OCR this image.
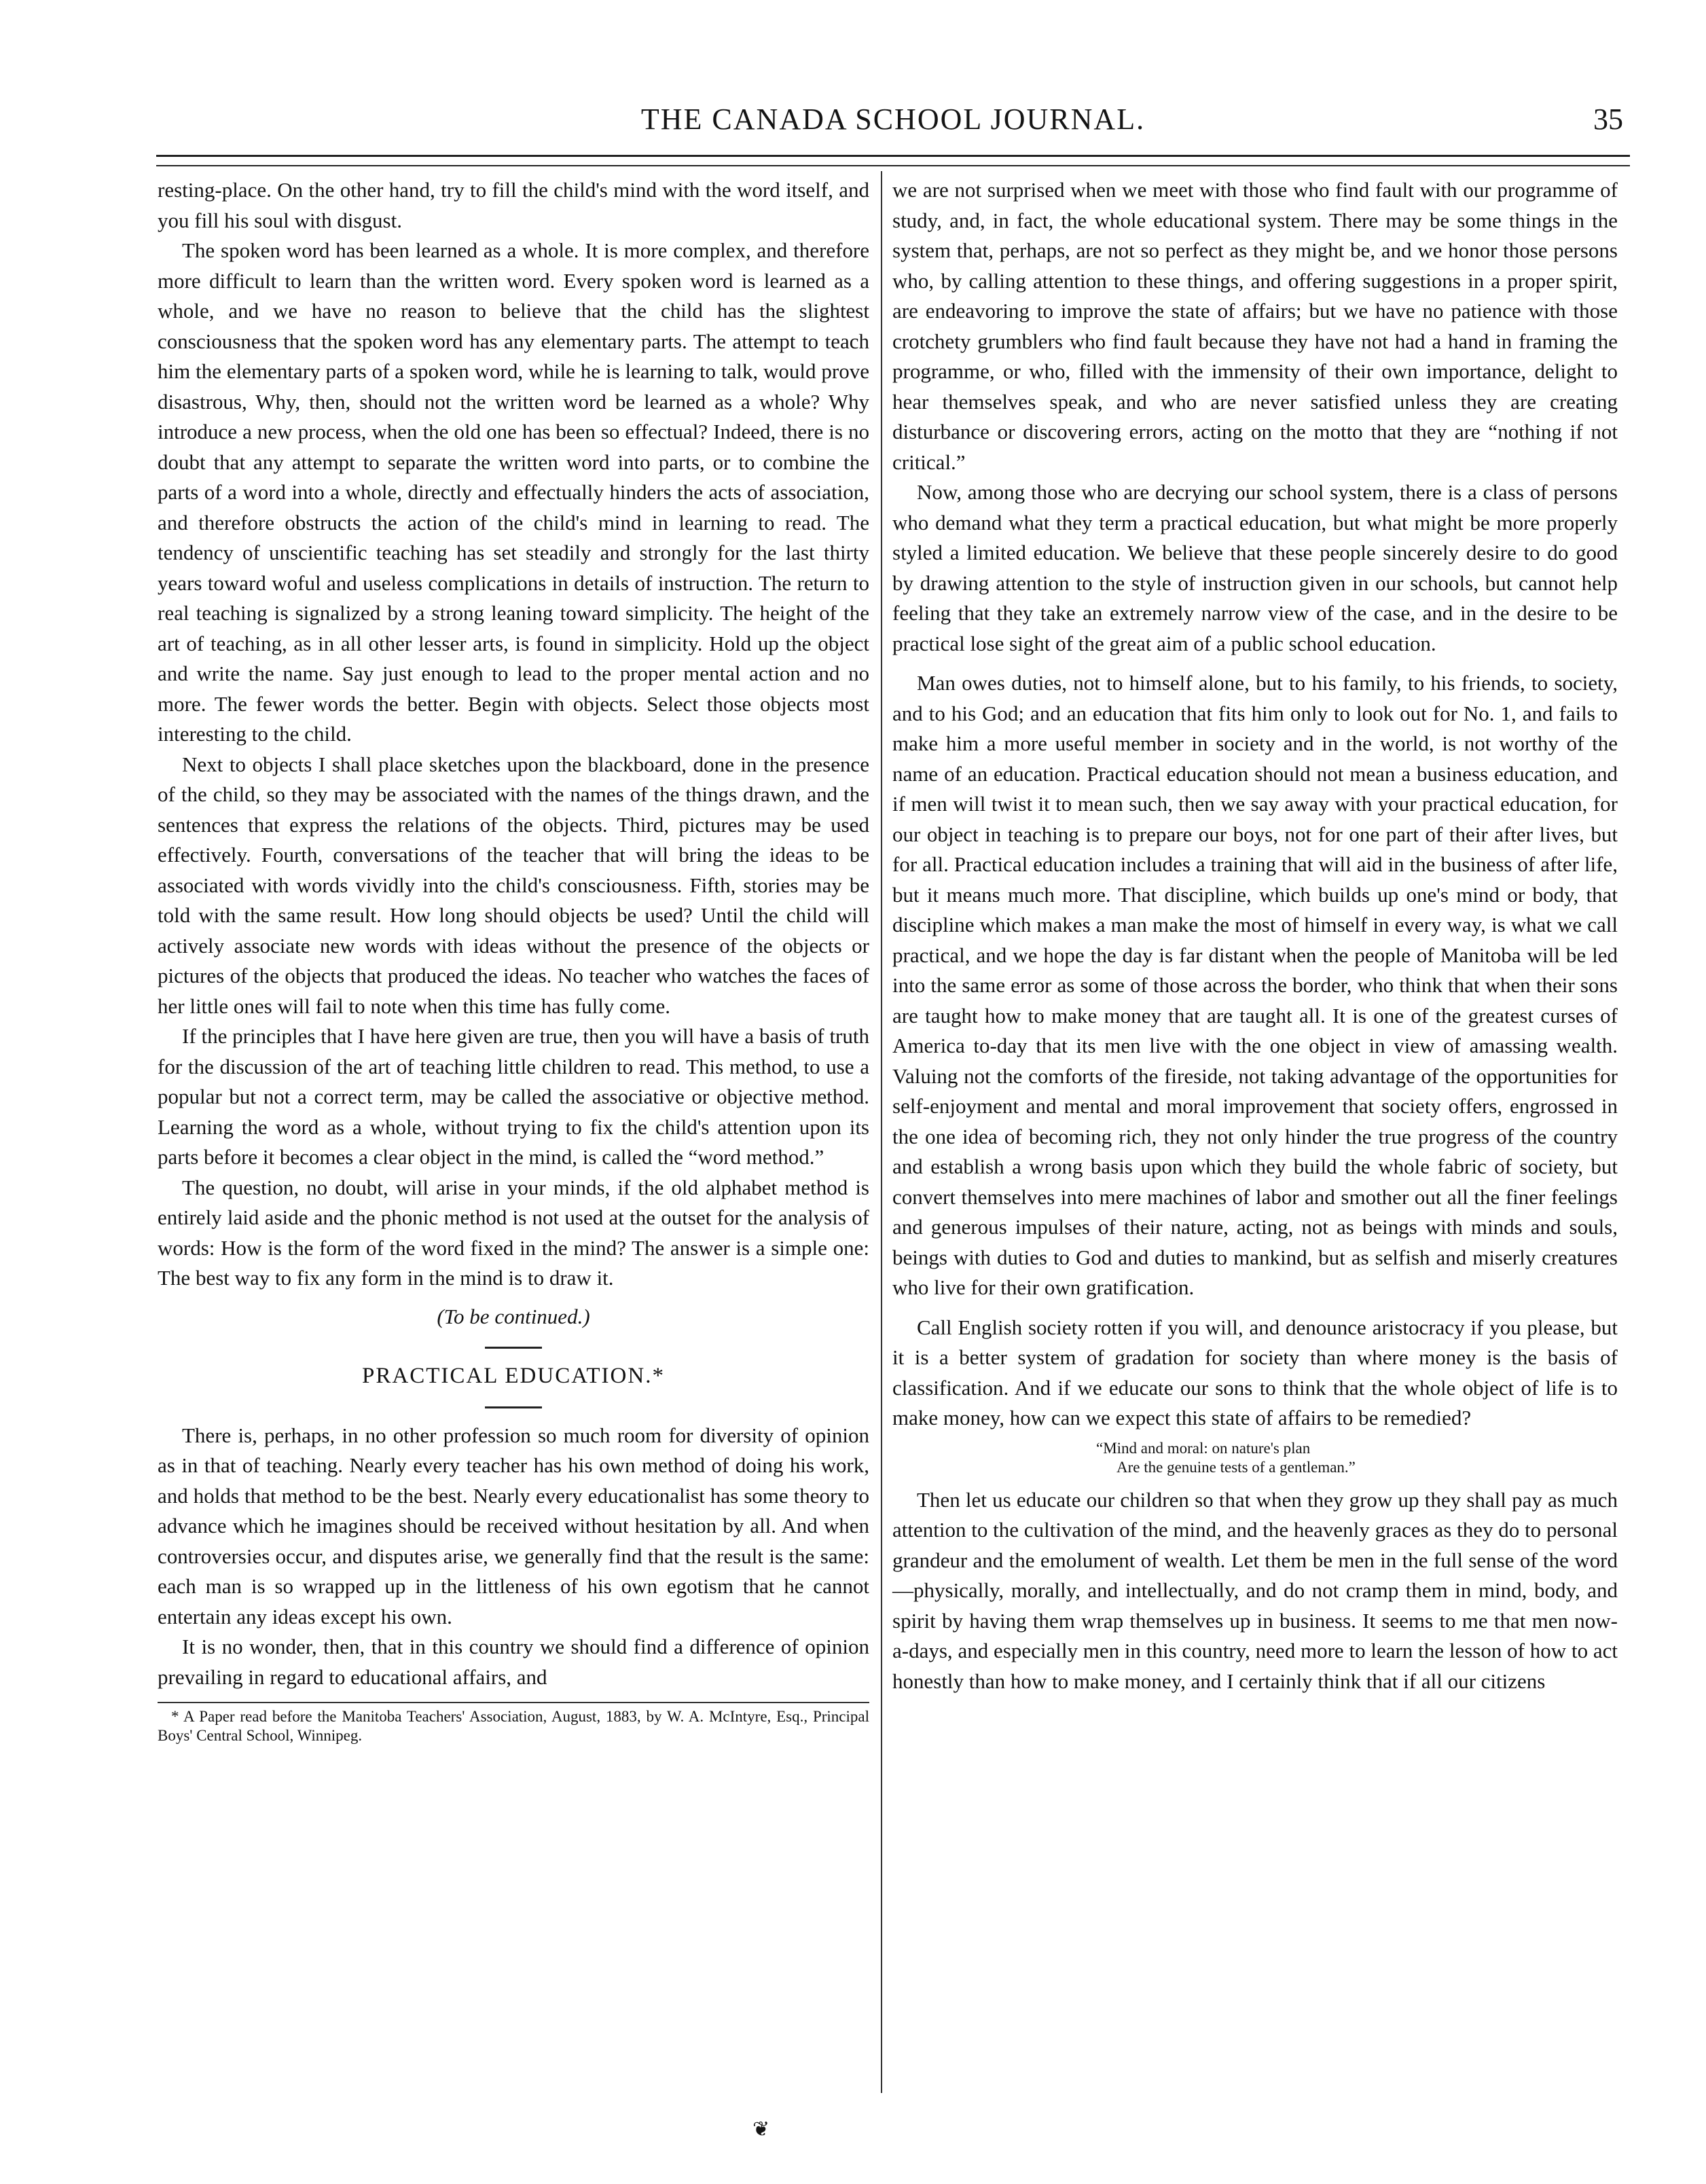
THE CANADA SCHOOL JOURNAL.	35

resting-place. On the other hand, try to fill the child's mind with the word itself, and you fill his soul with disgust.

The spoken word has been learned as a whole. It is more complex, and therefore more difficult to learn than the written word. Every spoken word is learned as a whole, and we have no reason to believe that the child has the slightest consciousness that the spoken word has any elementary parts. The attempt to teach him the elementary parts of a spoken word, while he is learning to talk, would prove disastrous, Why, then, should not the written word be learned as a whole? Why introduce a new process, when the old one has been so effectual? Indeed, there is no doubt that any attempt to separate the written word into parts, or to combine the parts of a word into a whole, directly and effectually hinders the acts of association, and therefore obstructs the action of the child's mind in learning to read. The tendency of unscientific teaching has set steadily and strongly for the last thirty years toward woful and useless complications in details of instruction. The return to real teaching is signalized by a strong leaning toward simplicity. The height of the art of teaching, as in all other lesser arts, is found in simplicity. Hold up the object and write the name. Say just enough to lead to the proper mental action and no more. The fewer words the better. Begin with objects. Select those objects most interesting to the child.

Next to objects I shall place sketches upon the blackboard, done in the presence of the child, so they may be associated with the names of the things drawn, and the sentences that express the relations of the objects. Third, pictures may be used effectively. Fourth, conversations of the teacher that will bring the ideas to be associated with words vividly into the child's consciousness. Fifth, stories may be told with the same result. How long should objects be used? Until the child will actively associate new words with ideas without the presence of the objects or pictures of the objects that produced the ideas. No teacher who watches the faces of her little ones will fail to note when this time has fully come.

If the principles that I have here given are true, then you will have a basis of truth for the discussion of the art of teaching little children to read. This method, to use a popular but not a correct term, may be called the associative or objective method. Learning the word as a whole, without trying to fix the child's attention upon its parts before it becomes a clear object in the mind, is called the “word method.”

The question, no doubt, will arise in your minds, if the old alphabet method is entirely laid aside and the phonic method is not used at the outset for the analysis of words: How is the form of the word fixed in the mind? The answer is a simple one: The best way to fix any form in the mind is to draw it.

(To be continued.)
PRACTICAL EDUCATION.*

There is, perhaps, in no other profession so much room for diversity of opinion as in that of teaching. Nearly every teacher has his own method of doing his work, and holds that method to be the best. Nearly every educationalist has some theory to advance which he imagines should be received without hesitation by all. And when controversies occur, and disputes arise, we generally find that the result is the same: each man is so wrapped up in the littleness of his own egotism that he cannot entertain any ideas except his own.

It is no wonder, then, that in this country we should find a difference of opinion prevailing in regard to educational affairs, and

* A Paper read before the Manitoba Teachers' Association, August, 1883, by W. A. McIntyre, Esq., Principal Boys' Central School, Winnipeg.

we are not surprised when we meet with those who find fault with our programme of study, and, in fact, the whole educational system. There may be some things in the system that, perhaps, are not so perfect as they might be, and we honor those persons who, by calling attention to these things, and offering suggestions in a proper spirit, are endeavoring to improve the state of affairs; but we have no patience with those crotchety grumblers who find fault because they have not had a hand in framing the programme, or who, filled with the immensity of their own importance, delight to hear themselves speak, and who are never satisfied unless they are creating disturbance or discovering errors, acting on the motto that they are “nothing if not critical.”

Now, among those who are decrying our school system, there is a class of persons who demand what they term a practical education, but what might be more properly styled a limited education. We believe that these people sincerely desire to do good by drawing attention to the style of instruction given in our schools, but cannot help feeling that they take an extremely narrow view of the case, and in the desire to be practical lose sight of the great aim of a public school education.

Man owes duties, not to himself alone, but to his family, to his friends, to society, and to his God; and an education that fits him only to look out for No. 1, and fails to make him a more useful member in society and in the world, is not worthy of the name of an education. Practical education should not mean a business education, and if men will twist it to mean such, then we say away with your practical education, for our object in teaching is to prepare our boys, not for one part of their after lives, but for all. Practical education includes a training that will aid in the business of after life, but it means much more. That discipline, which builds up one's mind or body, that discipline which makes a man make the most of himself in every way, is what we call practical, and we hope the day is far distant when the people of Manitoba will be led into the same error as some of those across the border, who think that when their sons are taught how to make money that are taught all. It is one of the greatest curses of America to-day that its men live with the one object in view of amassing wealth. Valuing not the comforts of the fireside, not taking advantage of the opportunities for self-enjoyment and mental and moral improvement that society offers, engrossed in the one idea of becoming rich, they not only hinder the true progress of the country and establish a wrong basis upon which they build the whole fabric of society, but convert themselves into mere machines of labor and smother out all the finer feelings and generous impulses of their nature, acting, not as beings with minds and souls, beings with duties to God and duties to mankind, but as selfish and miserly creatures who live for their own gratification.

Call English society rotten if you will, and denounce aristocracy if you please, but it is a better system of gradation for society than where money is the basis of classification. And if we educate our sons to think that the whole object of life is to make money, how can we expect this state of affairs to be remedied?

“Mind and moral: on nature's plan
Are the genuine tests of a gentleman.”

Then let us educate our children so that when they grow up they shall pay as much attention to the cultivation of the mind, and the heavenly graces as they do to personal grandeur and the emolument of wealth. Let them be men in the full sense of the word—physically, morally, and intellectually, and do not cramp them in mind, body, and spirit by having them wrap themselves up in business. It seems to me that men now-a-days, and especially men in this country, need more to learn the lesson of how to act honestly than how to make money, and I certainly think that if all our citizens

❦
